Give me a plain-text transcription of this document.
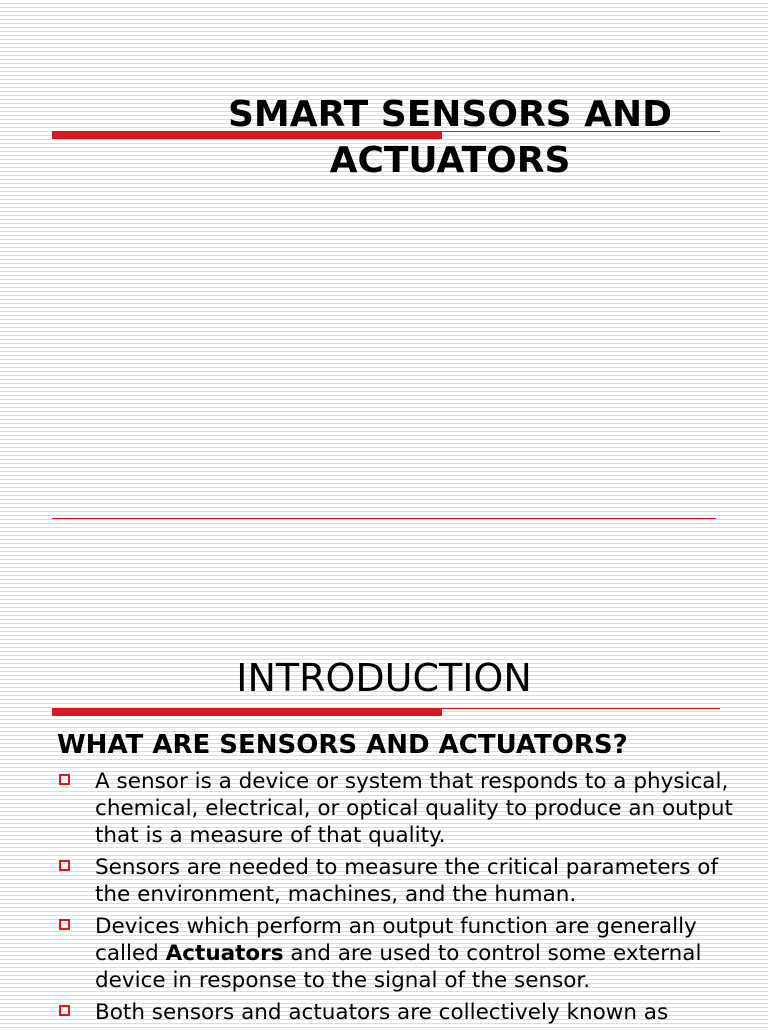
SMART SENSORS AND
ACTUATORS
INTRODUCTION
WHAT ARE SENSORS AND ACTUATORS?
A sensor is a device or system that responds to a physical, chemical, electrical, or optical quality to produce an output that is a measure of that quality.
Sensors are needed to measure the critical parameters of the environment, machines, and the human.
Devices which perform an output function are generally called Actuators and are used to control some external device in response to the signal of the sensor.
Both sensors and actuators are collectively known as
